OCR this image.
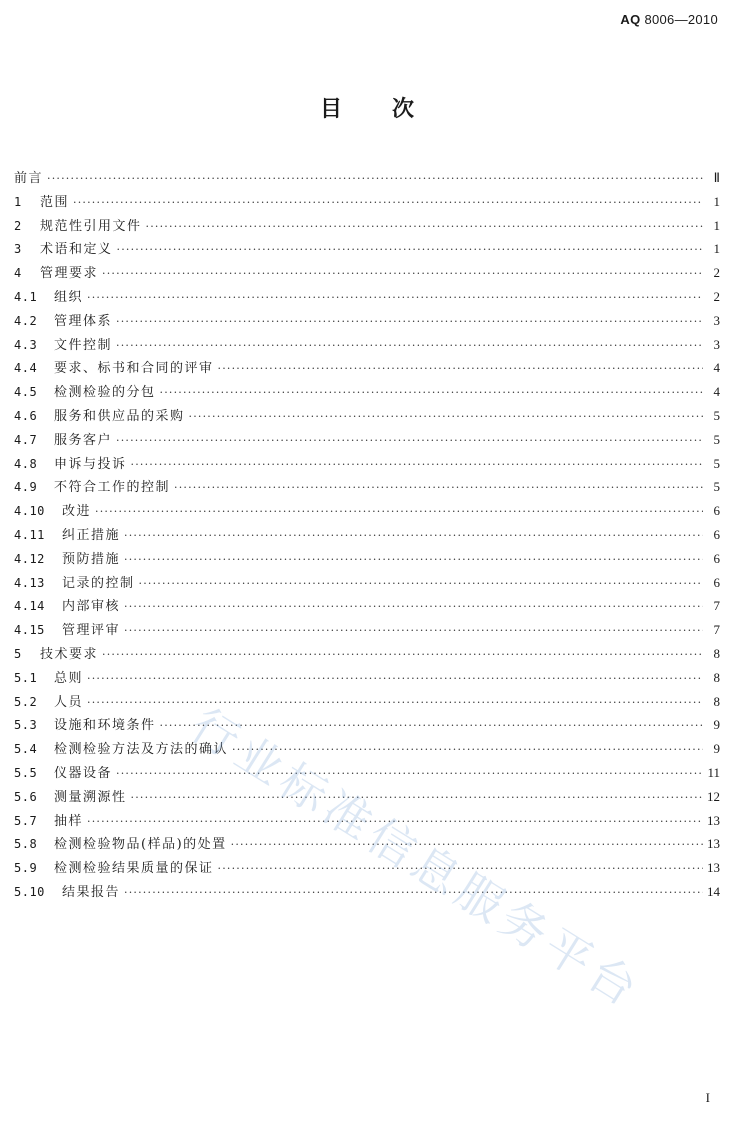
AQ 8006—2010
目 次
前言 ·····	Ⅱ
1	范围 ·····	1
2	规范性引用文件 ·····	1
3	术语和定义 ·····	1
4	管理要求 ·····	2
4.1	组织 ·····	2
4.2	管理体系 ·····	3
4.3	文件控制 ·····	3
4.4	要求、标书和合同的评审 ·····	4
4.5	检测检验的分包 ·····	4
4.6	服务和供应品的采购 ·····	5
4.7	服务客户 ·····	5
4.8	申诉与投诉 ·····	5
4.9	不符合工作的控制 ·····	5
4.10	改进 ·····	6
4.11	纠正措施 ·····	6
4.12	预防措施 ·····	6
4.13	记录的控制 ·····	6
4.14	内部审核 ·····	7
4.15	管理评审 ·····	7
5	技术要求 ·····	8
5.1	总则 ·····	8
5.2	人员 ·····	8
5.3	设施和环境条件 ·····	9
5.4	检测检验方法及方法的确认 ·····	9
5.5	仪器设备 ·····	11
5.6	测量溯源性 ·····	12
5.7	抽样 ·····	13
5.8	检测检验物品(样品)的处置 ·····	13
5.9	检测检验结果质量的保证 ·····	13
5.10	结果报告 ·····	14
行业标准信息服务平台
I
